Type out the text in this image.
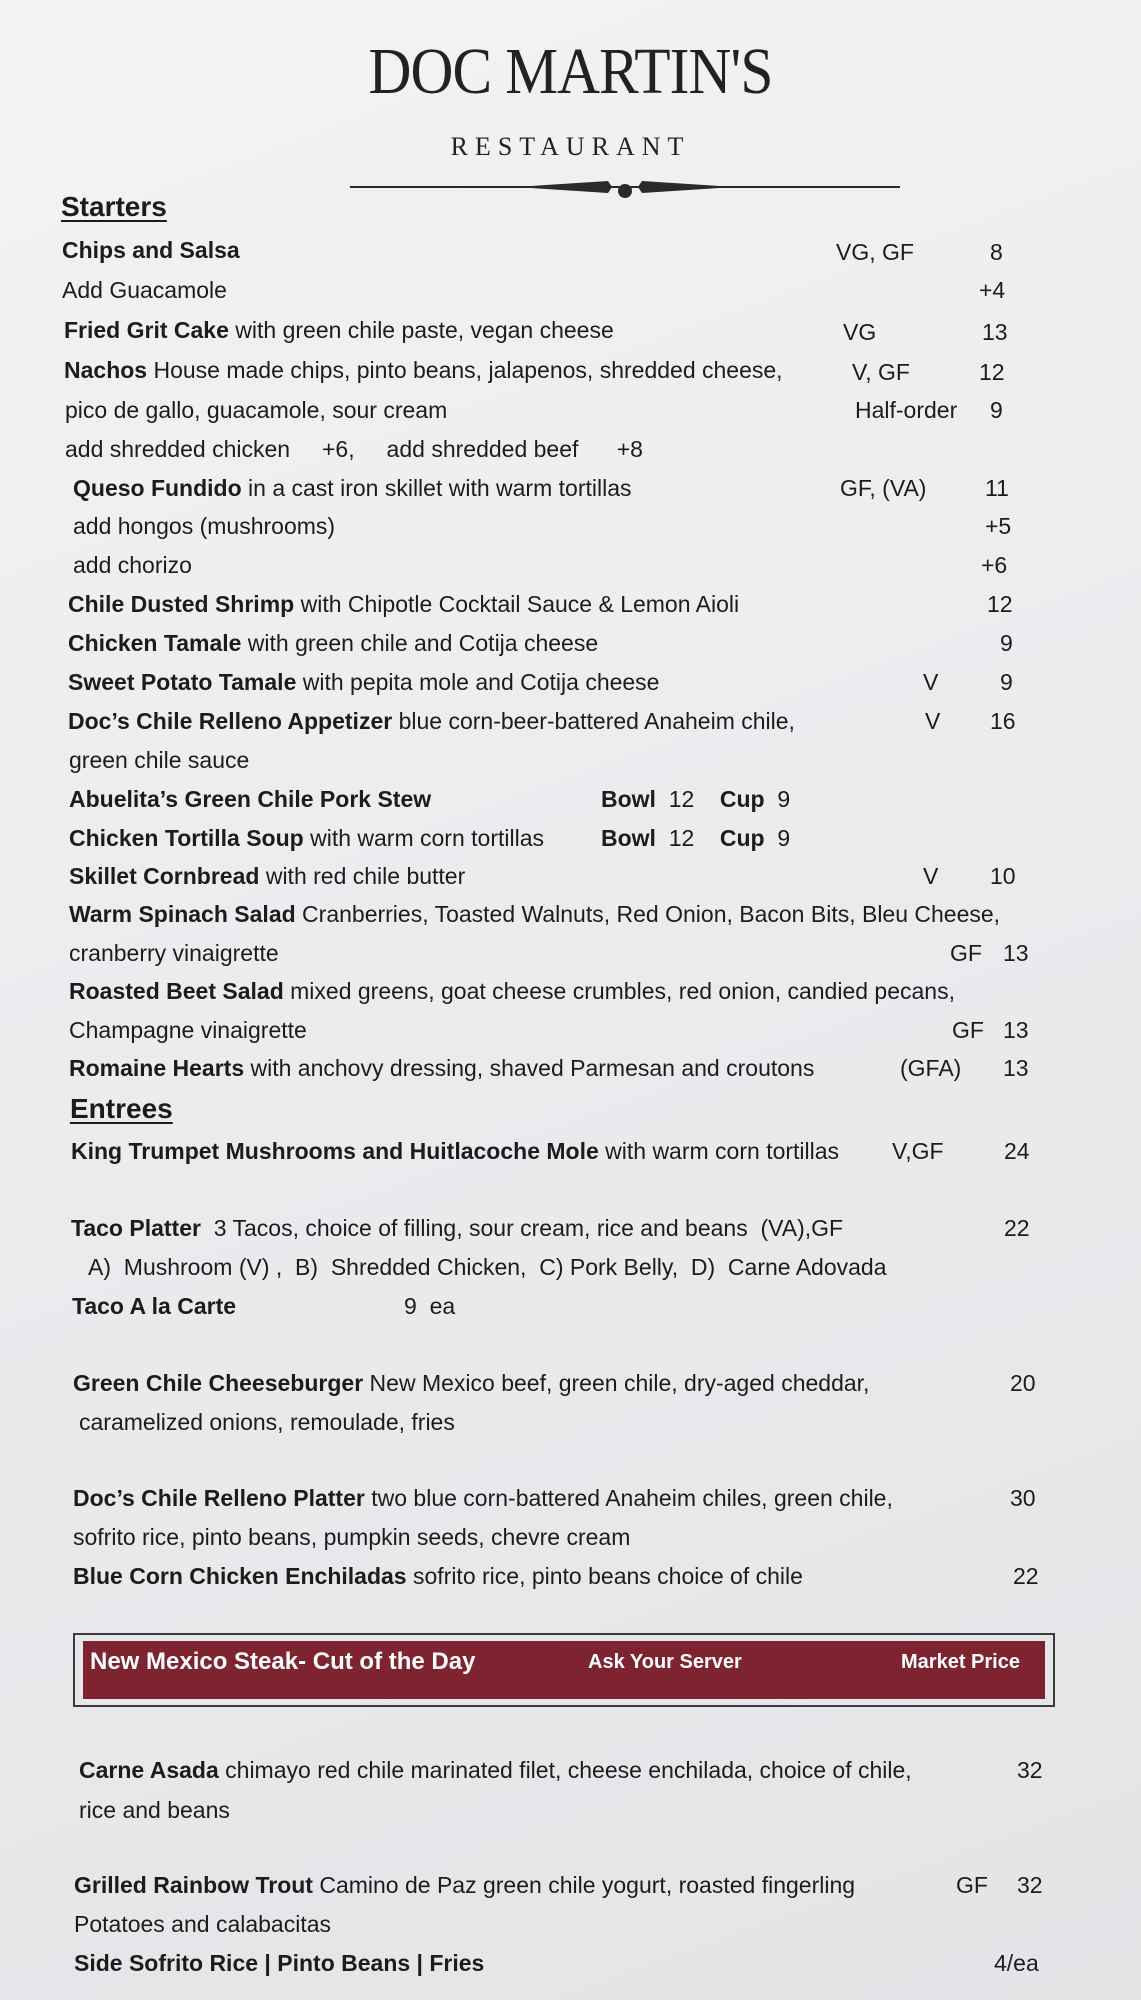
DOC MARTIN'S
RESTAURANT
Starters
Chips and Salsa	VG, GF	8
Add Guacamole	+4
Fried Grit Cake with green chile paste, vegan cheese	VG	13
Nachos House made chips, pinto beans, jalapenos, shredded cheese,	V, GF	12
pico de gallo, guacamole, sour cream	Half-order 9
add shredded chicken     +6,     add shredded beef      +8
Queso Fundido in a cast iron skillet with warm tortillas	GF, (VA)	11
add hongos (mushrooms)	+5
add chorizo	+6
Chile Dusted Shrimp with Chipotle Cocktail Sauce & Lemon Aioli	12
Chicken Tamale with green chile and Cotija cheese	9
Sweet Potato Tamale with pepita mole and Cotija cheese	V	9
Doc’s Chile Relleno Appetizer blue corn-beer-battered Anaheim chile,	V 16
green chile sauce
Abuelita’s Green Chile Pork Stew	Bowl 12 Cup 9
Chicken Tortilla Soup with warm corn tortillas Bowl 12 Cup 9
Skillet Cornbread with red chile butter	V 10
Warm Spinach Salad Cranberries, Toasted Walnuts, Red Onion, Bacon Bits, Bleu Cheese,
cranberry vinaigrette	GF 13
Roasted Beet Salad mixed greens, goat cheese crumbles, red onion, candied pecans,
Champagne vinaigrette	GF 13
Romaine Hearts with anchovy dressing, shaved Parmesan and croutons	(GFA) 13
Entrees
King Trumpet Mushrooms and Huitlacoche Mole with warm corn tortillas V,GF	24
Taco Platter  3 Tacos, choice of filling, sour cream, rice and beans  (VA),GF	22
A)  Mushroom (V) ,  B)  Shredded Chicken,  C) Pork Belly,  D)  Carne Adovada
Taco A la Carte	9  ea
Green Chile Cheeseburger New Mexico beef, green chile, dry-aged cheddar,	20
caramelized onions, remoulade, fries
Doc’s Chile Relleno Platter two blue corn-battered Anaheim chiles, green chile,	30
sofrito rice, pinto beans, pumpkin seeds, chevre cream
Blue Corn Chicken Enchiladas sofrito rice, pinto beans choice of chile	22
New Mexico Steak- Cut of the Day	Ask Your Server	Market Price
Carne Asada chimayo red chile marinated filet, cheese enchilada, choice of chile,	32
rice and beans
Grilled Rainbow Trout Camino de Paz green chile yogurt, roasted fingerling	GF 32
Potatoes and calabacitas
Side Sofrito Rice | Pinto Beans | Fries	4/ea
